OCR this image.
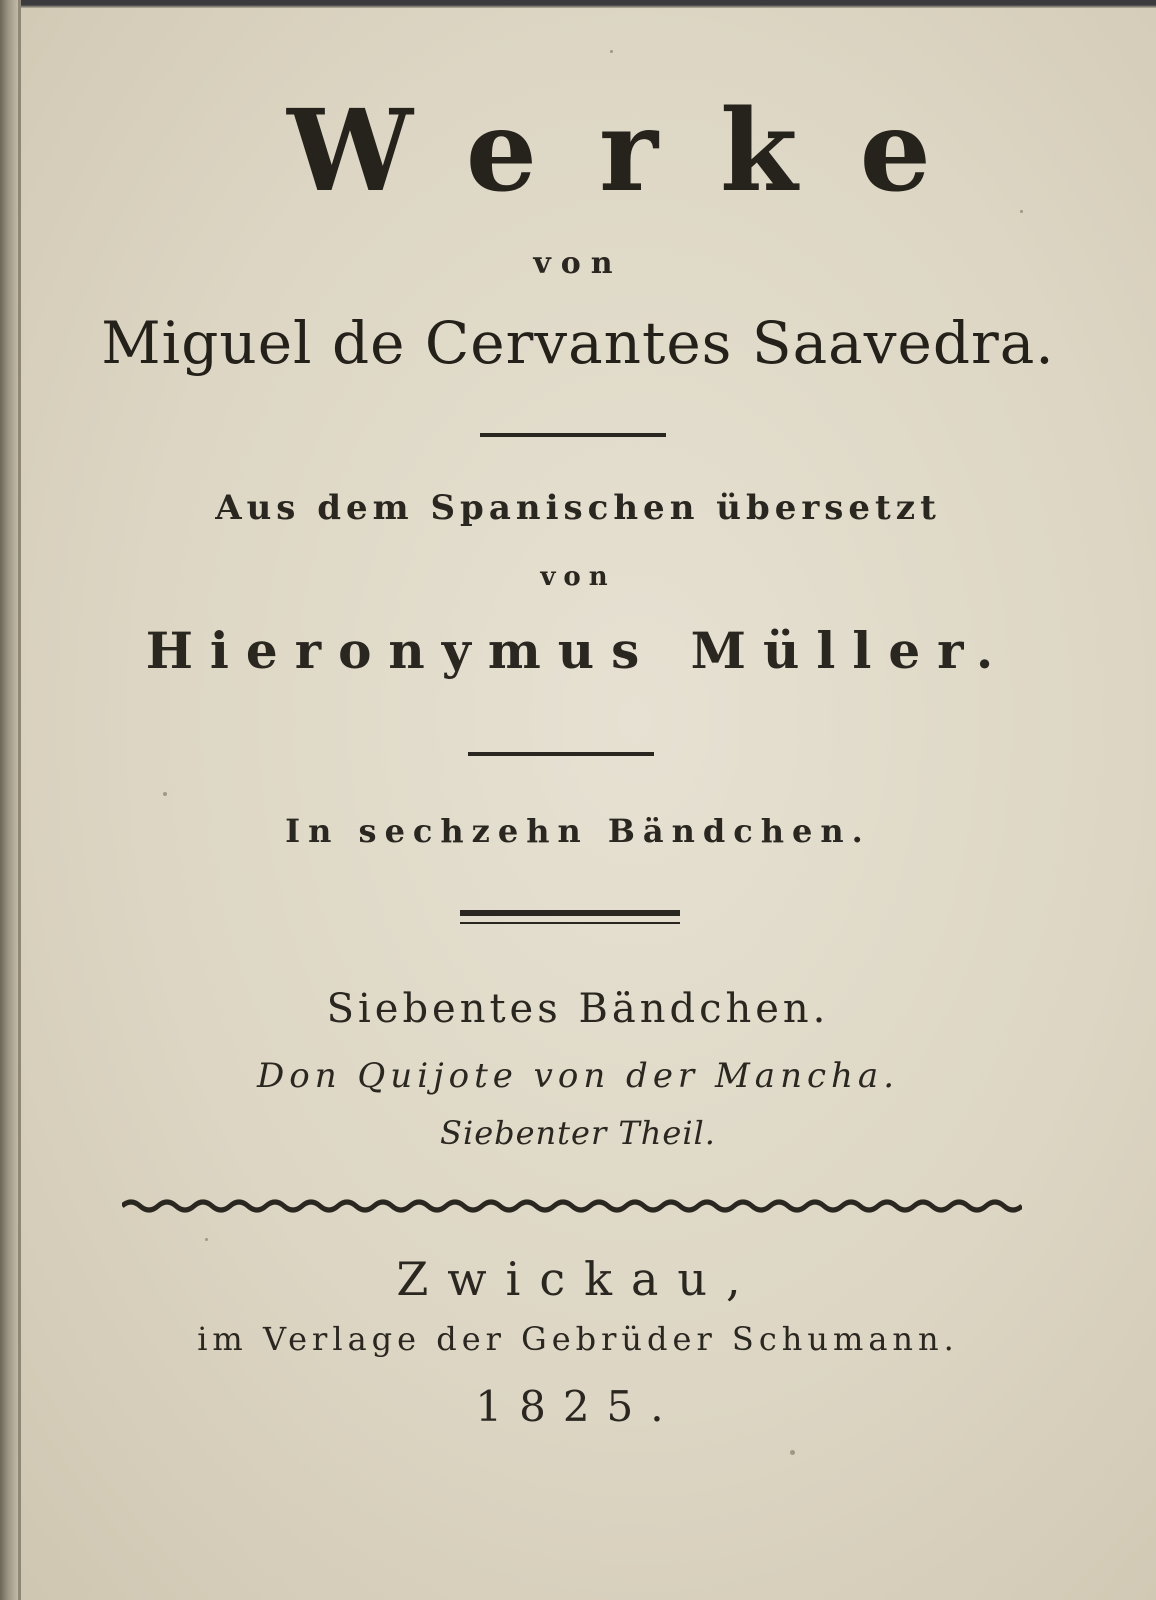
Werke
von
Miguel de Cervantes Saavedra.
Aus dem Spanischen übersetzt
von
Hieronymus Müller.
In sechzehn Bändchen.
Siebentes Bändchen.
Don Quijote von der Mancha.
Siebenter Theil.
Zwickau,
im Verlage der Gebrüder Schumann.
1825.
